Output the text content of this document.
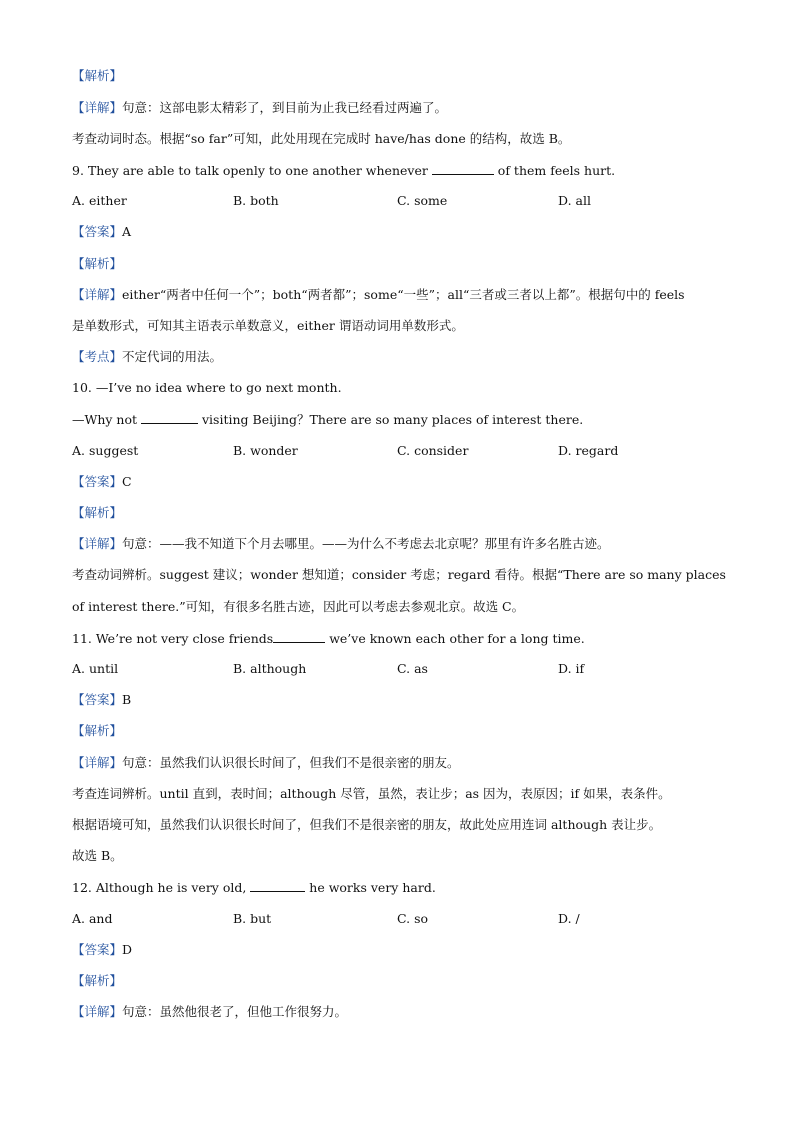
【解析】
【详解】句意：这部电影太精彩了，到目前为止我已经看过两遍了。
考查动词时态。根据“so far”可知，此处用现在完成时 have/has done 的结构，故选 B。
9. They are able to talk openly to one another whenever	of them feels hurt.
A. either	B. both	C. some	D. all
【答案】A
【解析】
【详解】either“两者中任何一个”；both“两者都”；some“一些”；all“三者或三者以上都”。根据句中的 feels
是单数形式，可知其主语表示单数意义，either 谓语动词用单数形式。
【考点】不定代词的用法。
10. —I’ve no idea where to go next month.
—Why not	visiting Beijing？There are so many places of interest there.
A. suggest	B. wonder	C. consider	D. regard
【答案】C
【解析】
【详解】句意：——我不知道下个月去哪里。——为什么不考虑去北京呢？那里有许多名胜古迹。
考查动词辨析。suggest 建议；wonder 想知道；consider 考虑；regard 看待。根据“There are so many places
of interest there.”可知，有很多名胜古迹，因此可以考虑去参观北京。故选 C。
11. We’re not very close friends	we’ve known each other for a long time.
A. until	B. although	C. as	D. if
【答案】B
【解析】
【详解】句意：虽然我们认识很长时间了，但我们不是很亲密的朋友。
考查连词辨析。until 直到，表时间；although 尽管，虽然，表让步；as 因为，表原因；if 如果，表条件。
根据语境可知，虽然我们认识很长时间了，但我们不是很亲密的朋友，故此处应用连词 although 表让步。
故选 B。
12. Although he is very old,	he works very hard.
A. and	B. but	C. so	D. /
【答案】D
【解析】
【详解】句意：虽然他很老了，但他工作很努力。
